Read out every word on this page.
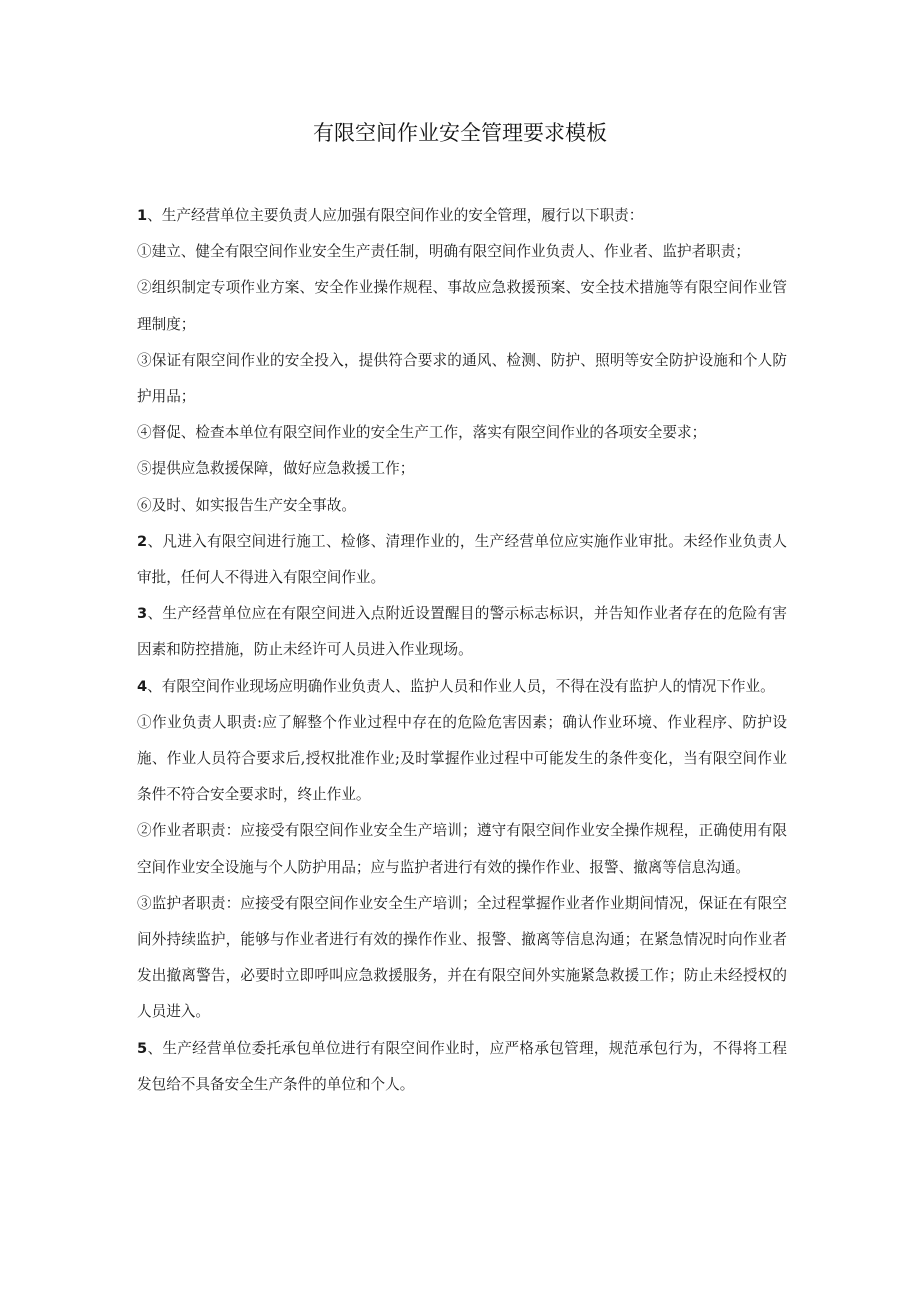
有限空间作业安全管理要求模板

1、生产经营单位主要负责人应加强有限空间作业的安全管理，履行以下职责：

①建立、健全有限空间作业安全生产责任制，明确有限空间作业负责人、作业者、监护者职责；

②组织制定专项作业方案、安全作业操作规程、事故应急救援预案、安全技术措施等有限空间作业管理制度；

③保证有限空间作业的安全投入，提供符合要求的通风、检测、防护、照明等安全防护设施和个人防护用品；

④督促、检查本单位有限空间作业的安全生产工作，落实有限空间作业的各项安全要求；

⑤提供应急救援保障，做好应急救援工作；

⑥及时、如实报告生产安全事故。

2、凡进入有限空间进行施工、检修、清理作业的，生产经营单位应实施作业审批。未经作业负责人审批，任何人不得进入有限空间作业。

3、生产经营单位应在有限空间进入点附近设置醒目的警示标志标识，并告知作业者存在的危险有害因素和防控措施，防止未经许可人员进入作业现场。

4、有限空间作业现场应明确作业负责人、监护人员和作业人员，不得在没有监护人的情况下作业。

①作业负责人职责:应了解整个作业过程中存在的危险危害因素；确认作业环境、作业程序、防护设施、作业人员符合要求后,授权批准作业;及时掌握作业过程中可能发生的条件变化，当有限空间作业条件不符合安全要求时，终止作业。

②作业者职责：应接受有限空间作业安全生产培训；遵守有限空间作业安全操作规程，正确使用有限空间作业安全设施与个人防护用品；应与监护者进行有效的操作作业、报警、撤离等信息沟通。

③监护者职责：应接受有限空间作业安全生产培训；全过程掌握作业者作业期间情况，保证在有限空间外持续监护，能够与作业者进行有效的操作作业、报警、撤离等信息沟通；在紧急情况时向作业者发出撤离警告，必要时立即呼叫应急救援服务，并在有限空间外实施紧急救援工作；防止未经授权的人员进入。

5、生产经营单位委托承包单位进行有限空间作业时，应严格承包管理，规范承包行为，不得将工程发包给不具备安全生产条件的单位和个人。
